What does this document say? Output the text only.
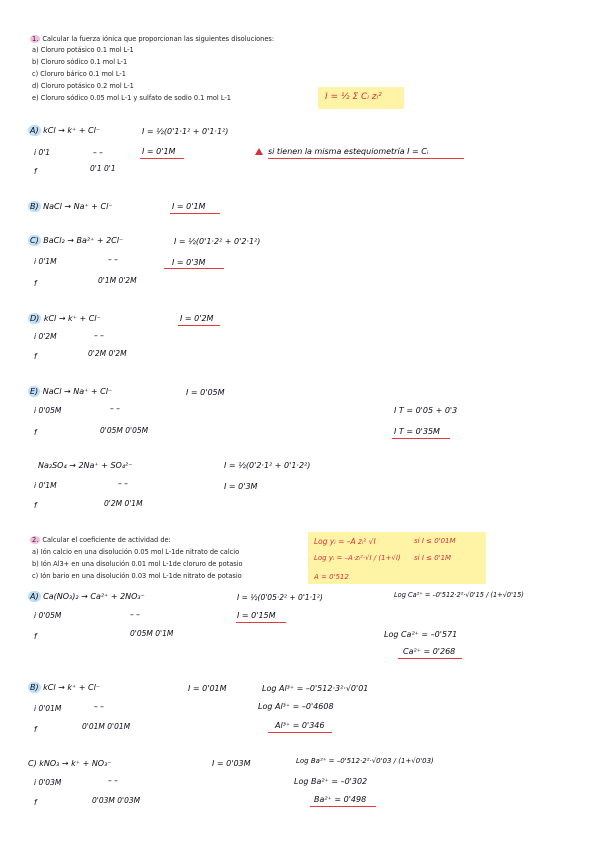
1. Calcular la fuerza iónica que proporcionan las siguientes disoluciones:
a) Cloruro potásico 0.1 mol L-1
b) Cloruro sódico 0.1 mol L-1
c) Cloruro bárico 0.1 mol L-1
d) Cloruro potásico 0.2 mol L-1
e) Cloruro sódico 0.05 mol L-1 y sulfato de sodio 0.1 mol L-1	I = ½ Σ Cᵢ zᵢ²
A) kCl → k⁺ + Cl⁻	I = ½(0'1·1² + 0'1·1²)
i 0'1	– –	I = 0'1M	si tienen la misma estequiometría I = Cᵢ
f	0'1 0'1
B) NaCl → Na⁺ + Cl⁻	I = 0'1M
C) BaCl₂ → Ba²⁺ + 2Cl⁻	I = ½(0'1·2² + 0'2·1²)
i 0'1M	– –	I = 0'3M
f	0'1M 0'2M
D) kCl → k⁺ + Cl⁻	I = 0'2M
i 0'2M	– –
f	0'2M 0'2M
E) NaCl → Na⁺ + Cl⁻	I = 0'05M
i 0'05M	– –	I T = 0'05 + 0'3
f	0'05M 0'05M	I T = 0'35M
Na₂SO₄ → 2Na⁺ + SO₄²⁻	I = ½(0'2·1² + 0'1·2²)
i 0'1M	– –	I = 0'3M
f	0'2M 0'1M
2. Calcular el coeficiente de actividad de:
a) Ión calcio en una disolución 0.05 mol L-1de nitrato de calcio
b) Ión Al3+ en una disolución 0.01 mol L-1de cloruro de potasio
c) Ión bario en una disolución 0.03 mol L-1de nitrato de potasio
Log yᵢ = –A zᵢ² √I	si I ≤ 0'01M
Log yᵢ = –A·zᵢ²·√I / (1+√I) si I ≤ 0'1M
A = 0'512
A) Ca(NO₃)₂ → Ca²⁺ + 2NO₃⁻	I = ½(0'05·2² + 0'1·1²)	Log Ca²⁺ = –0'512·2²·√0'15 / (1+√0'15)
i 0'05M	– –	I = 0'15M
f	0'05M 0'1M	Log Ca²⁺ = –0'571
Ca²⁺ = 0'268
B) kCl → k⁺ + Cl⁻	I = 0'01M	Log Al³⁺ = –0'512·3²·√0'01
i 0'01M	– –	Log Al³⁺ = –0'4608
f	0'01M 0'01M	Al³⁺ = 0'346
C) kNO₃ → k⁺ + NO₃⁻	I = 0'03M	Log Ba²⁺ = –0'512·2²·√0'03 / (1+√0'03)
i 0'03M	– –	Log Ba²⁺ = –0'302
f	0'03M 0'03M	Ba²⁺ = 0'498
